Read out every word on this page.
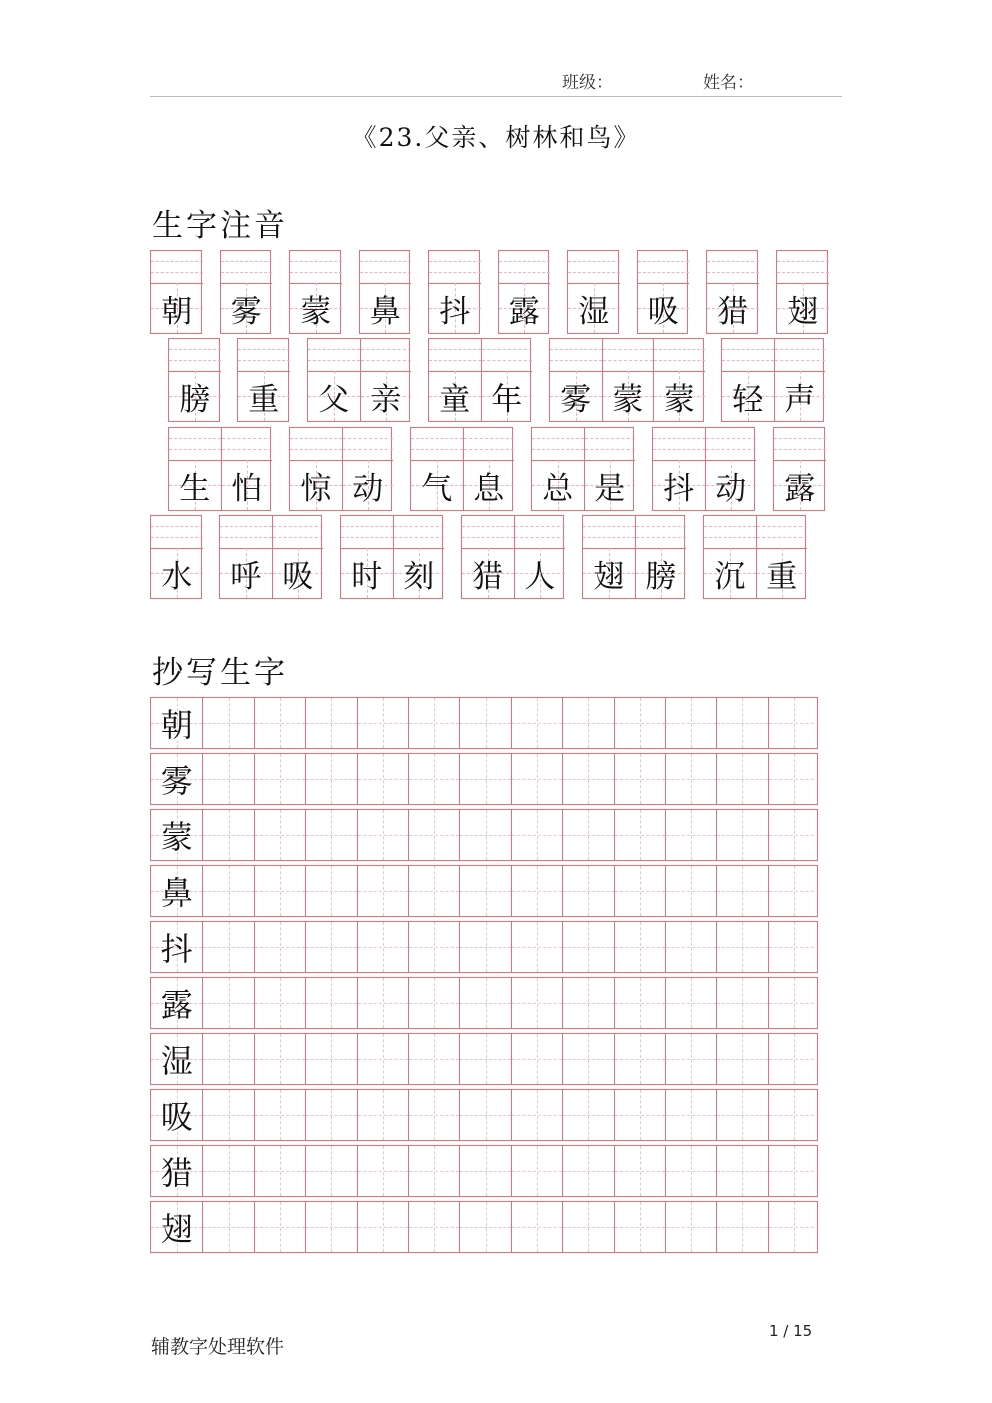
班级：	姓名：
《23.父亲、树林和鸟》
生字注音
朝 雾 蒙 鼻 抖 露 湿 吸 猎 翅
膀 重 父 亲 童 年 雾 蒙 蒙 轻 声
生 怕 惊 动 气 息 总 是 抖 动 露
水 呼 吸 时 刻 猎 人 翅 膀 沉 重
抄写生字
朝
雾
蒙
鼻
抖
露
湿
吸
猎
翅
辅教字处理软件
1 / 15
